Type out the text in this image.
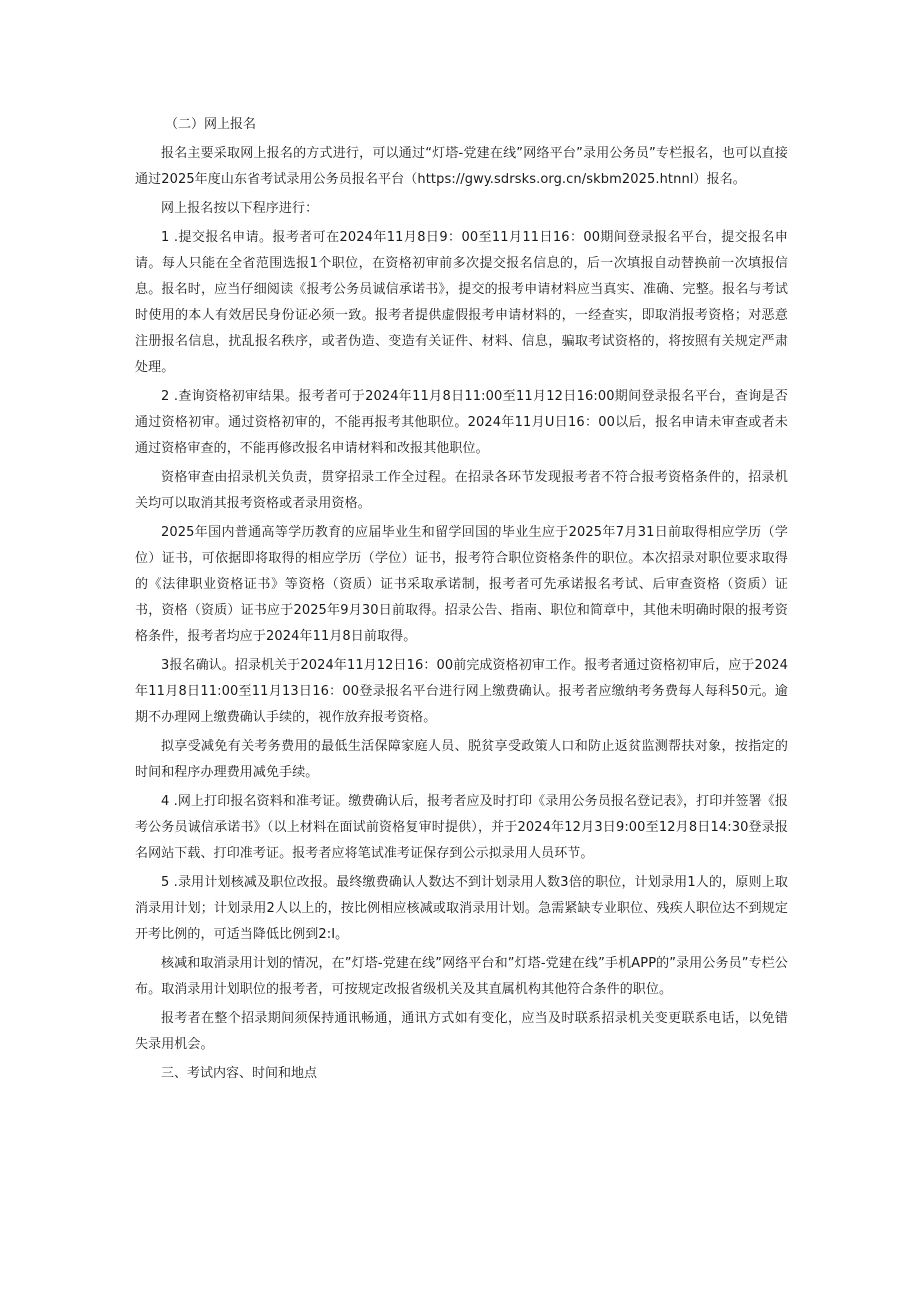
（二）网上报名

报名主要采取网上报名的方式进行，可以通过“灯塔-党建在线”网络平台”录用公务员”专栏报名，也可以直接通过2025年度山东省考试录用公务员报名平台（https://gwy.sdrsks.org.cn/skbm2025.htnnl）报名。

网上报名按以下程序进行：

1 .提交报名申请。报考者可在2024年11月8日9：00至11月11日16：00期间登录报名平台，提交报名申请。每人只能在全省范围选报1个职位，在资格初审前多次提交报名信息的，后一次填报自动替换前一次填报信息。报名时，应当仔细阅读《报考公务员诚信承诺书》，提交的报考申请材料应当真实、准确、完整。报名与考试时使用的本人有效居民身份证必须一致。报考者提供虚假报考申请材料的，一经查实，即取消报考资格；对恶意注册报名信息，扰乱报名秩序，或者伪造、变造有关证件、材料、信息，骗取考试资格的，将按照有关规定严肃处理。

2 .查询资格初审结果。报考者可于2024年11月8日11:00至11月12日16:00期间登录报名平台，查询是否通过资格初审。通过资格初审的，不能再报考其他职位。2024年11月U日16：00以后，报名申请未审查或者未通过资格审查的，不能再修改报名申请材料和改报其他职位。

资格审查由招录机关负责，贯穿招录工作全过程。在招录各环节发现报考者不符合报考资格条件的，招录机关均可以取消其报考资格或者录用资格。

2025年国内普通高等学历教育的应届毕业生和留学回国的毕业生应于2025年7月31日前取得相应学历（学位）证书，可依据即将取得的相应学历（学位）证书，报考符合职位资格条件的职位。本次招录对职位要求取得的《法律职业资格证书》等资格（资质）证书采取承诺制，报考者可先承诺报名考试、后审查资格（资质）证书，资格（资质）证书应于2025年9月30日前取得。招录公告、指南、职位和简章中，其他未明确时限的报考资格条件，报考者均应于2024年11月8日前取得。

3报名确认。招录机关于2024年11月12日16：00前完成资格初审工作。报考者通过资格初审后，应于2024年11月8日11:00至11月13日16：00登录报名平台进行网上缴费确认。报考者应缴纳考务费每人每科50元。逾期不办理网上缴费确认手续的，视作放弃报考资格。

拟享受减免有关考务费用的最低生活保障家庭人员、脱贫享受政策人口和防止返贫监测帮扶对象，按指定的时间和程序办理费用减免手续。

4 .网上打印报名资料和准考证。缴费确认后，报考者应及时打印《录用公务员报名登记表》，打印并签署《报考公务员诚信承诺书》（以上材料在面试前资格复审时提供），并于2024年12月3日9:00至12月8日14:30登录报名网站下载、打印准考证。报考者应将笔试准考证保存到公示拟录用人员环节。

5 .录用计划核减及职位改报。最终缴费确认人数达不到计划录用人数3倍的职位，计划录用1人的，原则上取消录用计划；计划录用2人以上的，按比例相应核减或取消录用计划。急需紧缺专业职位、残疾人职位达不到规定开考比例的，可适当降低比例到2:I。

核减和取消录用计划的情况，在”灯塔-党建在线”网络平台和”灯塔-党建在线”手机APP的”录用公务员”专栏公布。取消录用计划职位的报考者，可按规定改报省级机关及其直属机构其他符合条件的职位。

报考者在整个招录期间须保持通讯畅通，通讯方式如有变化，应当及时联系招录机关变更联系电话，以免错失录用机会。

三、考试内容、时间和地点
